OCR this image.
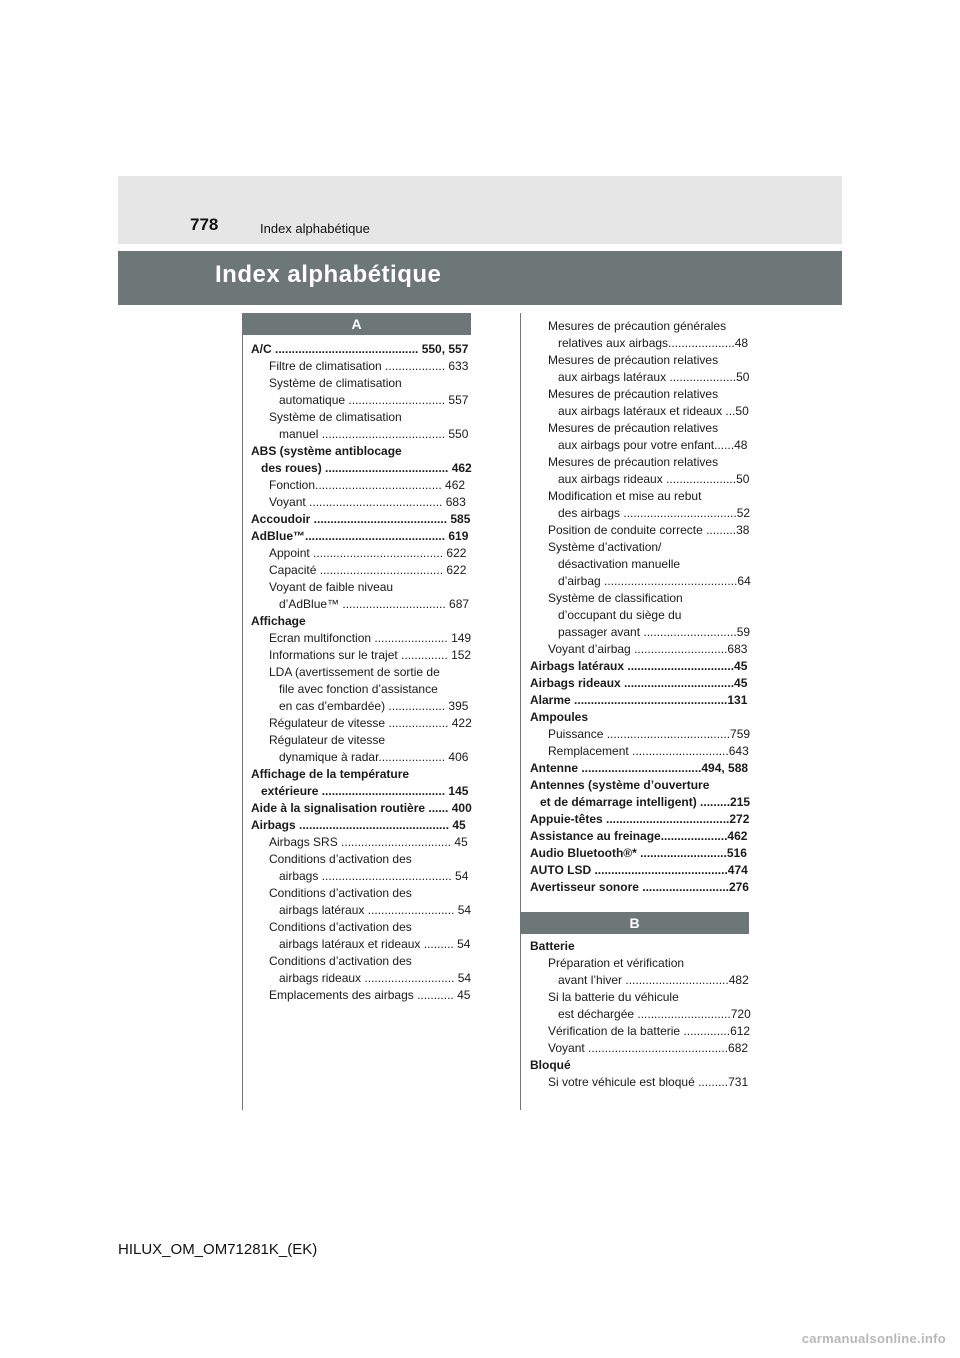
778	Index alphabétique
Index alphabétique
A
B
A/C ........................................... 550, 557
Filtre de climatisation .................. 633
Système de climatisation
automatique ............................. 557
Système de climatisation
manuel ..................................... 550
ABS (système antiblocage
des roues) ..................................... 462
Fonction...................................... 462
Voyant ........................................ 683
Accoudoir ........................................ 585
AdBlue™.......................................... 619
Appoint ....................................... 622
Capacité ..................................... 622
Voyant de faible niveau
d’AdBlue™ ............................... 687
Affichage
Ecran multifonction ...................... 149
Informations sur le trajet .............. 152
LDA (avertissement de sortie de
file avec fonction d’assistance
en cas d’embardée) ................. 395
Régulateur de vitesse .................. 422
Régulateur de vitesse
dynamique à radar.................... 406
Affichage de la température
extérieure ..................................... 145
Aide à la signalisation routière ...... 400
Airbags ............................................. 45
Airbags SRS ................................. 45
Conditions d’activation des
airbags ....................................... 54
Conditions d’activation des
airbags latéraux .......................... 54
Conditions d’activation des
airbags latéraux et rideaux ......... 54
Conditions d’activation des
airbags rideaux ........................... 54
Emplacements des airbags ........... 45
Mesures de précaution générales
relatives aux airbags....................48
Mesures de précaution relatives
aux airbags latéraux ....................50
Mesures de précaution relatives
aux airbags latéraux et rideaux ...50
Mesures de précaution relatives
aux airbags pour votre enfant......48
Mesures de précaution relatives
aux airbags rideaux .....................50
Modification et mise au rebut
des airbags ..................................52
Position de conduite correcte .........38
Système d’activation/
désactivation manuelle
d’airbag ........................................64
Système de classification
d’occupant du siège du
passager avant ............................59
Voyant d’airbag ............................683
Airbags latéraux ................................45
Airbags rideaux .................................45
Alarme ..............................................131
Ampoules
Puissance .....................................759
Remplacement .............................643
Antenne ....................................494, 588
Antennes (système d’ouverture
et de démarrage intelligent) .........215
Appuie-têtes .....................................272
Assistance au freinage....................462
Audio Bluetooth®* ..........................516
AUTO LSD ........................................474
Avertisseur sonore ..........................276
Batterie
Préparation et vérification
avant l’hiver ...............................482
Si la batterie du véhicule
est déchargée ............................720
Vérification de la batterie ..............612
Voyant ..........................................682
Bloqué
Si votre véhicule est bloqué .........731
HILUX_OM_OM71281K_(EK)
carmanualsonline.info
